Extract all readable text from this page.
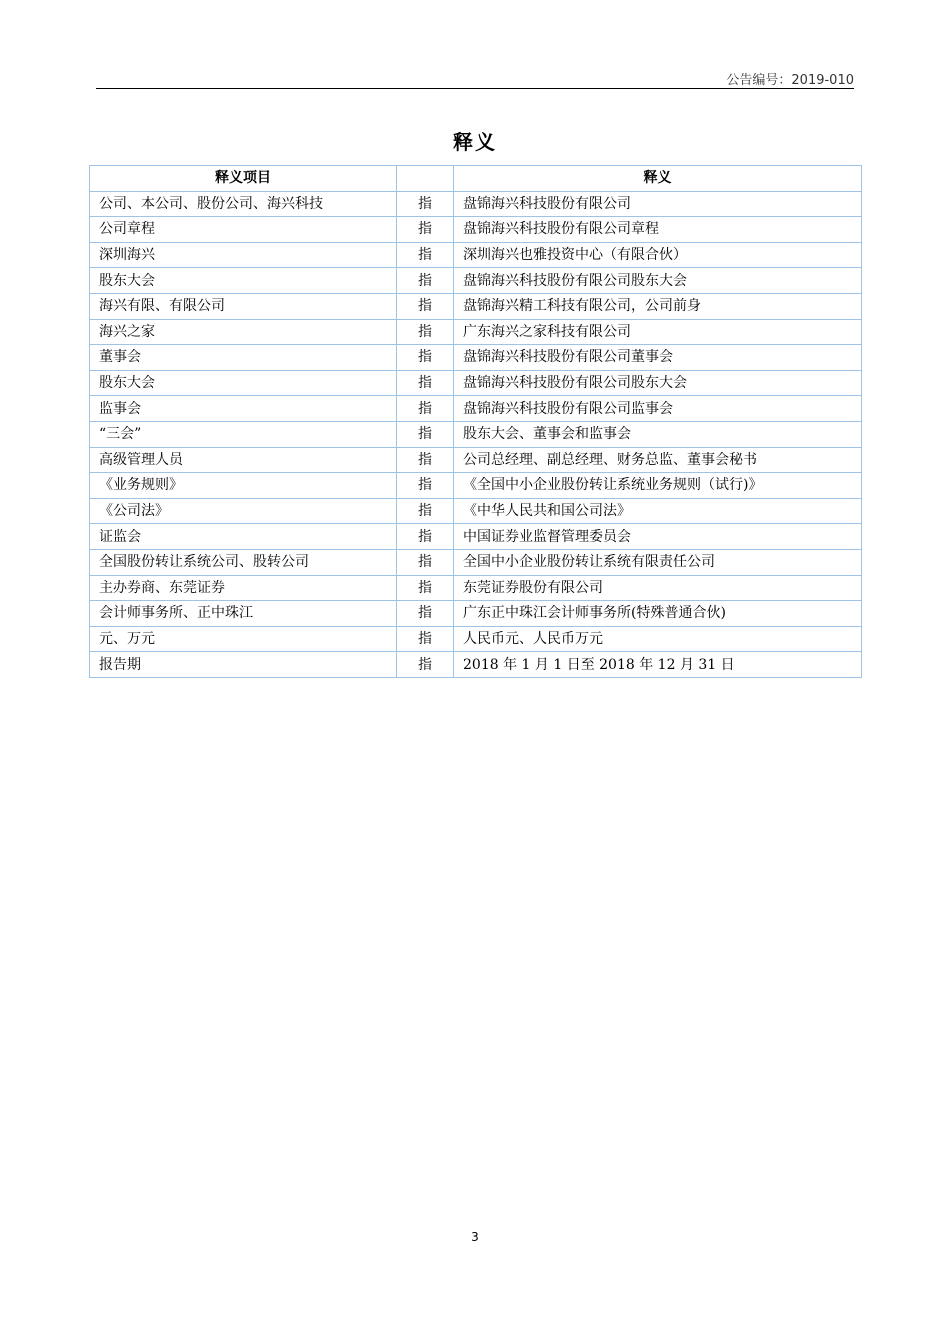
公告编号：2019-010
释义
释义项目		释义
公司、本公司、股份公司、海兴科技	指	盘锦海兴科技股份有限公司
公司章程	指	盘锦海兴科技股份有限公司章程
深圳海兴	指	深圳海兴也雅投资中心（有限合伙）
股东大会	指	盘锦海兴科技股份有限公司股东大会
海兴有限、有限公司	指	盘锦海兴精工科技有限公司，公司前身
海兴之家	指	广东海兴之家科技有限公司
董事会	指	盘锦海兴科技股份有限公司董事会
股东大会	指	盘锦海兴科技股份有限公司股东大会
监事会	指	盘锦海兴科技股份有限公司监事会
“三会”	指	股东大会、董事会和监事会
高级管理人员	指	公司总经理、副总经理、财务总监、董事会秘书
《业务规则》	指	《全国中小企业股份转让系统业务规则（试行)》
《公司法》	指	《中华人民共和国公司法》
证监会	指	中国证券业监督管理委员会
全国股份转让系统公司、股转公司	指	全国中小企业股份转让系统有限责任公司
主办券商、东莞证券	指	东莞证券股份有限公司
会计师事务所、正中珠江	指	广东正中珠江会计师事务所(特殊普通合伙)
元、万元	指	人民币元、人民币万元
报告期	指	2018 年 1 月 1 日至 2018 年 12 月 31 日
3
